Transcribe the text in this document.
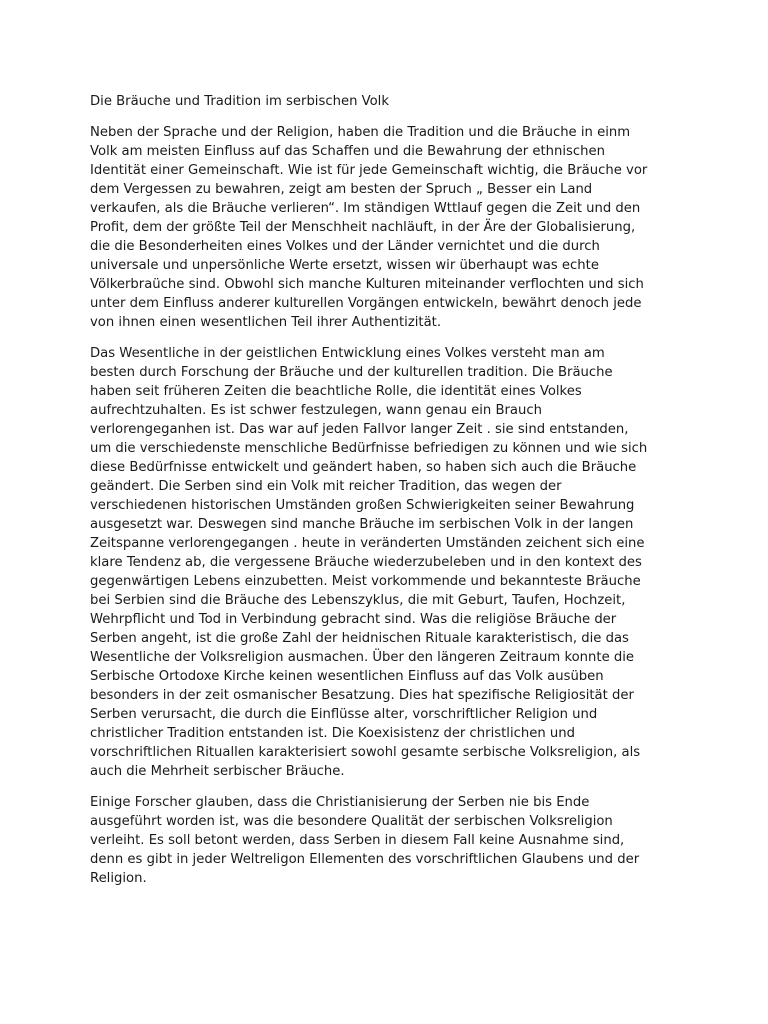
Die Bräuche und Tradition im serbischen Volk

Neben der Sprache und der Religion, haben die Tradition und die Bräuche in einm
Volk am meisten Einfluss auf das Schaffen und die Bewahrung der ethnischen
Identität einer Gemeinschaft. Wie ist für jede Gemeinschaft wichtig, die Bräuche vor
dem Vergessen zu bewahren, zeigt am besten der Spruch „ Besser ein Land
verkaufen, als die Bräuche verlieren“. Im ständigen Wttlauf gegen die Zeit und den
Profit, dem der größte Teil der Menschheit nachläuft, in der Äre der Globalisierung,
die die Besonderheiten eines Volkes und der Länder vernichtet und die durch
universale und unpersönliche Werte ersetzt, wissen wir überhaupt was echte
Völkerbraüche sind. Obwohl sich manche Kulturen miteinander verflochten und sich
unter dem Einfluss anderer kulturellen Vorgängen entwickeln, bewährt denoch jede
von ihnen einen wesentlichen Teil ihrer Authentizität.

Das Wesentliche in der geistlichen Entwicklung eines Volkes versteht man am
besten durch Forschung der Bräuche und der kulturellen tradition. Die Bräuche
haben seit früheren Zeiten die beachtliche Rolle, die identität eines Volkes
aufrechtzuhalten. Es ist schwer festzulegen, wann genau ein Brauch
verlorengeganhen ist. Das war auf jeden Fallvor langer Zeit . sie sind entstanden,
um die verschiedenste menschliche Bedürfnisse befriedigen zu können und wie sich
diese Bedürfnisse entwickelt und geändert haben, so haben sich auch die Bräuche
geändert. Die Serben sind ein Volk mit reicher Tradition, das wegen der
verschiedenen historischen Umständen großen Schwierigkeiten seiner Bewahrung
ausgesetzt war. Deswegen sind manche Bräuche im serbischen Volk in der langen
Zeitspanne verlorengegangen . heute in veränderten Umständen zeichent sich eine
klare Tendenz ab, die vergessene Bräuche wiederzubeleben und in den kontext des
gegenwärtigen Lebens einzubetten. Meist vorkommende und bekannteste Bräuche
bei Serbien sind die Bräuche des Lebenszyklus, die mit Geburt, Taufen, Hochzeit,
Wehrpflicht und Tod in Verbindung gebracht sind. Was die religiöse Bräuche der
Serben angeht, ist die große Zahl der heidnischen Rituale karakteristisch, die das
Wesentliche der Volksreligion ausmachen. Über den längeren Zeitraum konnte die
Serbische Ortodoxe Kirche keinen wesentlichen Einfluss auf das Volk ausüben
besonders in der zeit osmanischer Besatzung. Dies hat spezifische Religiosität der
Serben verursacht, die durch die Einflüsse alter, vorschriftlicher Religion und
christlicher Tradition entstanden ist. Die Koexisistenz der christlichen und
vorschriftlichen Rituallen karakterisiert sowohl gesamte serbische Volksreligion, als
auch die Mehrheit serbischer Bräuche.

Einige Forscher glauben, dass die Christianisierung der Serben nie bis Ende
ausgeführt worden ist, was die besondere Qualität der serbischen Volksreligion
verleiht. Es soll betont werden, dass Serben in diesem Fall keine Ausnahme sind,
denn es gibt in jeder Weltreligon Ellementen des vorschriftlichen Glaubens und der
Religion.
